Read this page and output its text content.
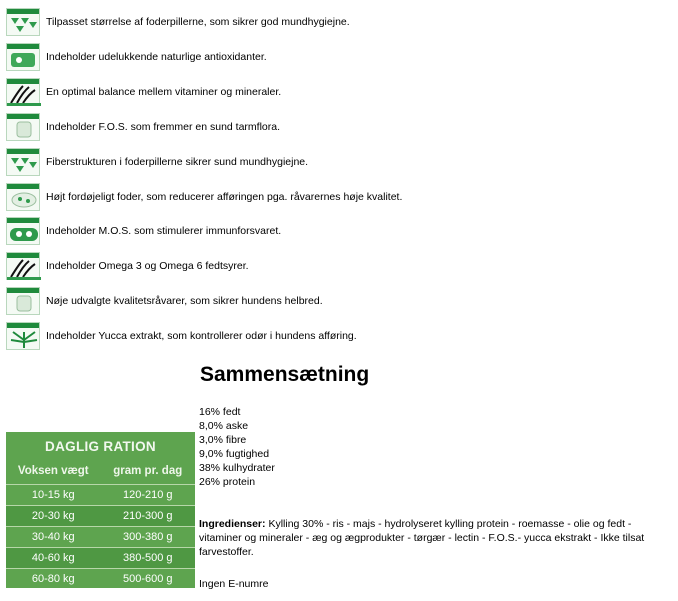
Tilpasset størrelse af foderpillerne, som sikrer god mundhygiejne.
Indeholder udelukkende naturlige antioxidanter.
En optimal balance mellem vitaminer og mineraler.
Indeholder F.O.S. som fremmer en sund tarmflora.
Fiberstrukturen i foderpillerne sikrer sund mundhygiejne.
Højt fordøjeligt foder, som reducerer afføringen pga. råvarernes høje kvalitet.
Indeholder M.O.S. som stimulerer immunforsvaret.
Indeholder Omega 3 og Omega 6 fedtsyrer.
Nøje udvalgte kvalitetsråvarer, som sikrer hundens helbred.
Indeholder Yucca extrakt, som kontrollerer odør i hundens afføring.
Sammensætning
16% fedt
8,0% aske
3,0% fibre
9,0% fugtighed
38% kulhydrater
26% protein
DAGLIG RATION
Voksen vægt	gram pr. dag
10-15 kg	120-210 g
20-30 kg	210-300 g
30-40 kg	300-380 g
40-60 kg	380-500 g
60-80 kg	500-600 g
Ingredienser: Kylling 30% - ris - majs - hydrolyseret kylling protein - roemasse - olie og fedt - vitaminer og mineraler - æg og ægprodukter - tørgær - lectin - F.O.S.- yucca ekstrakt - Ikke tilsat farvestoffer.
Ingen E-numre
